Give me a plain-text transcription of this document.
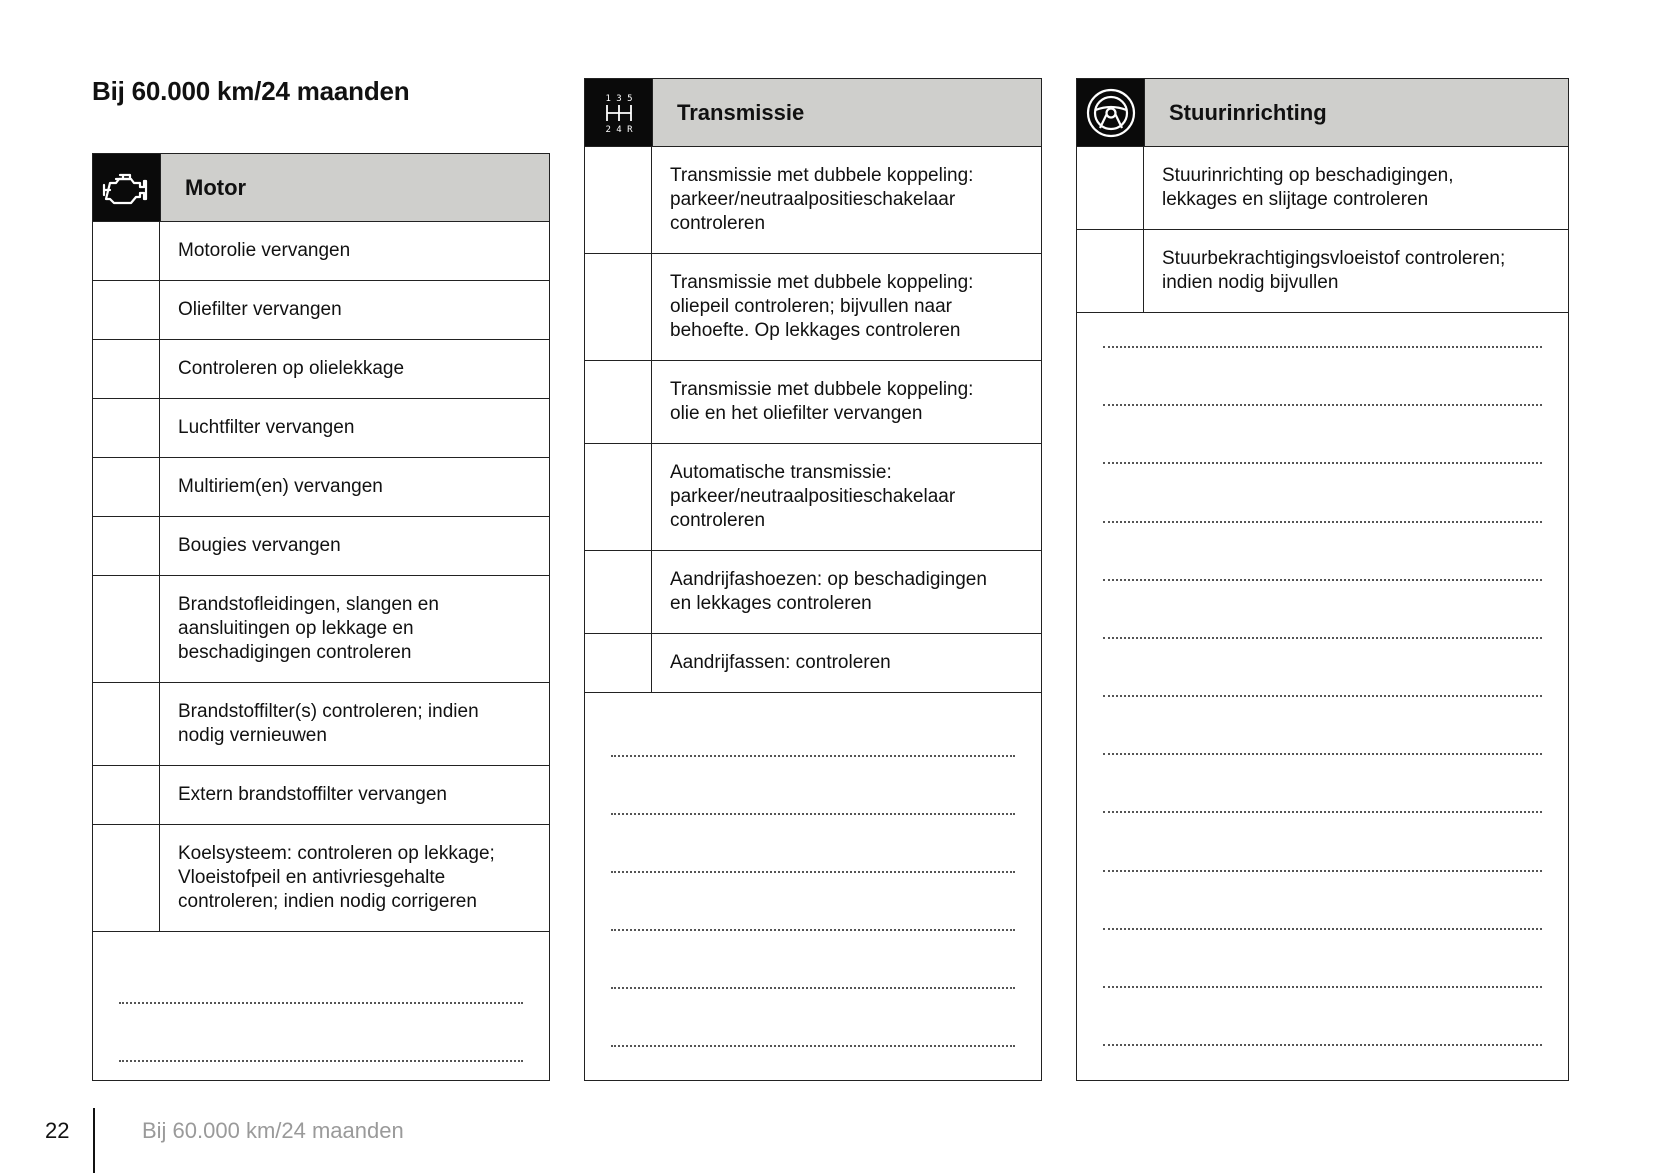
Bij 60.000 km/24 maanden
Motor
Motorolie vervangen
Oliefilter vervangen
Controleren op olielekkage
Luchtfilter vervangen
Multiriem(en) vervangen
Bougies vervangen
Brandstofleidingen, slangen en
aansluitingen op lekkage en
beschadigingen controleren
Brandstoffilter(s) controleren; indien
nodig vernieuwen
Extern brandstoffilter vervangen
Koelsysteem: controleren op lekkage;
Vloeistofpeil en antivriesgehalte
controleren; indien nodig corrigeren
1 3 5
2 4 R
Transmissie
Transmissie met dubbele koppeling:
parkeer/neutraalpositieschakelaar
controleren
Transmissie met dubbele koppeling:
oliepeil controleren; bijvullen naar
behoefte. Op lekkages controleren
Transmissie met dubbele koppeling:
olie en het oliefilter vervangen
Automatische transmissie:
parkeer/neutraalpositieschakelaar
controleren
Aandrijfashoezen: op beschadigingen
en lekkages controleren
Aandrijfassen: controleren
Stuurinrichting
Stuurinrichting op beschadigingen,
lekkages en slijtage controleren
Stuurbekrachtigingsvloeistof controleren;
indien nodig bijvullen
22	Bij 60.000 km/24 maanden
